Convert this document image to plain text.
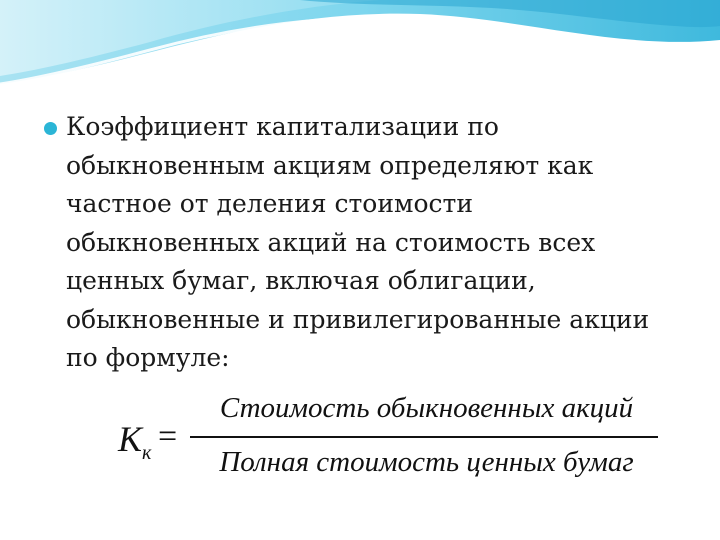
Коэффициент капитализации по обыкновенным акциям определяют как частное от деления стоимости обыкновенных акций на стоимость всех ценных бумаг, включая облигации, обыкновенные и привилегированные акции по формуле:
$K_к$ =
Стоимость обыкновенных акций
Полная стоимость ценных бумаг
